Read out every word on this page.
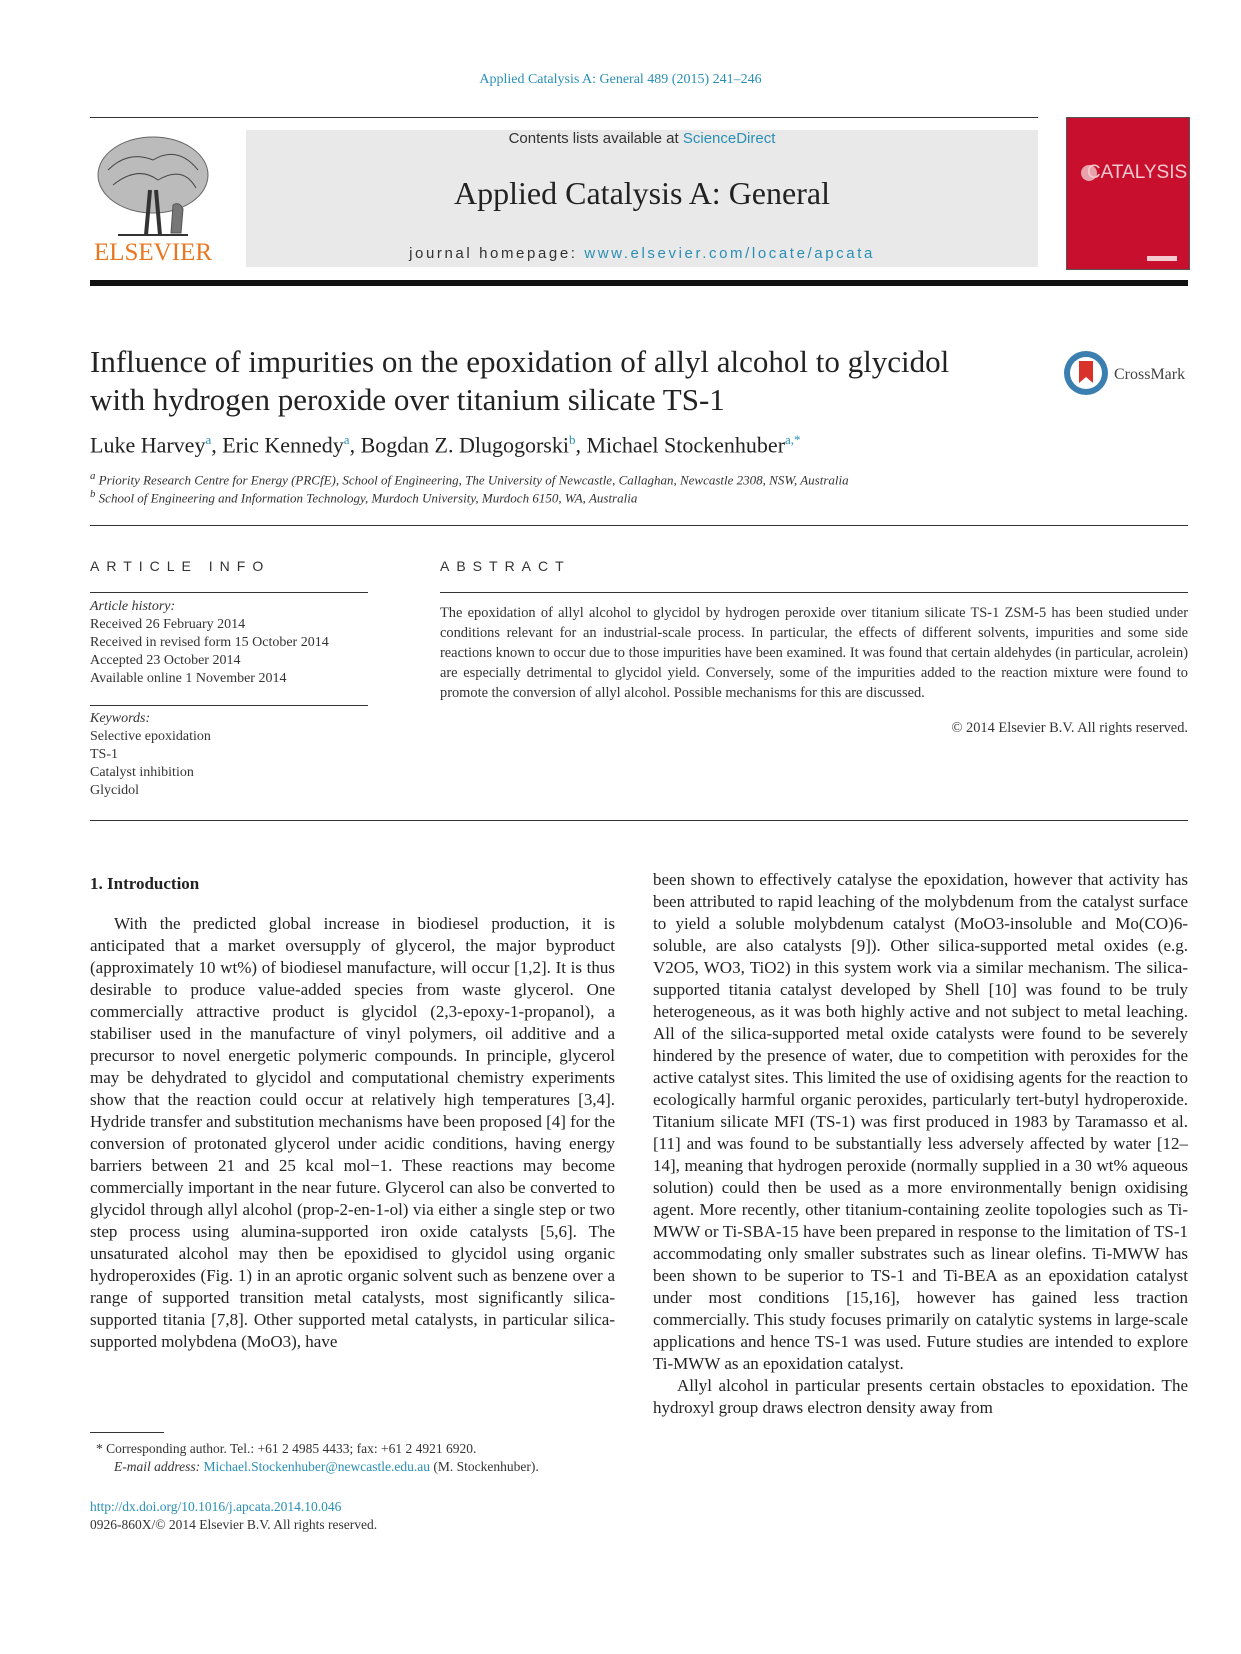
Applied Catalysis A: General 489 (2015) 241–246
ELSEVIER
Contents lists available at ScienceDirect
Applied Catalysis A: General
journal homepage: www.elsevier.com/locate/apcata
CATALYSIS
Influence of impurities on the epoxidation of allyl alcohol to glycidol
with hydrogen peroxide over titanium silicate TS-1
CrossMark
Luke Harvey$^a$, Eric Kennedy$^a$, Bogdan Z. Dlugogorski$^b$, Michael Stockenhuber$^{a,*}$
$^a$ Priority Research Centre for Energy (PRCfE), School of Engineering, The University of Newcastle, Callaghan, Newcastle 2308, NSW, Australia
$^b$ School of Engineering and Information Technology, Murdoch University, Murdoch 6150, WA, Australia
ARTICLE INFO
Article history:
Received 26 February 2014
Received in revised form 15 October 2014
Accepted 23 October 2014
Available online 1 November 2014
Keywords:
Selective epoxidation
TS-1
Catalyst inhibition
Glycidol
ABSTRACT
The epoxidation of allyl alcohol to glycidol by hydrogen peroxide over titanium silicate TS-1 ZSM-5 has been studied under conditions relevant for an industrial-scale process. In particular, the effects of different solvents, impurities and some side reactions known to occur due to those impurities have been examined. It was found that certain aldehydes (in particular, acrolein) are especially detrimental to glycidol yield. Conversely, some of the impurities added to the reaction mixture were found to promote the conversion of allyl alcohol. Possible mechanisms for this are discussed.
© 2014 Elsevier B.V. All rights reserved.
1. Introduction

With the predicted global increase in biodiesel production, it is anticipated that a market oversupply of glycerol, the major byproduct (approximately 10 wt%) of biodiesel manufacture, will occur [1,2]. It is thus desirable to produce value-added species from waste glycerol. One commercially attractive product is glycidol (2,3-epoxy-1-propanol), a stabiliser used in the manufacture of vinyl polymers, oil additive and a precursor to novel energetic polymeric compounds. In principle, glycerol may be dehydrated to glycidol and computational chemistry experiments show that the reaction could occur at relatively high temperatures [3,4]. Hydride transfer and substitution mechanisms have been proposed [4] for the conversion of protonated glycerol under acidic conditions, having energy barriers between 21 and 25 kcal mol−1. These reactions may become commercially important in the near future. Glycerol can also be converted to glycidol through allyl alcohol (prop-2-en-1-ol) via either a single step or two step process using alumina-supported iron oxide catalysts [5,6]. The unsaturated alcohol may then be epoxidised to glycidol using organic hydroperoxides (Fig. 1) in an aprotic organic solvent such as benzene over a range of supported transition metal catalysts, most significantly silica-supported titania [7,8]. Other supported metal catalysts, in particular silica-supported molybdena (MoO3), have

been shown to effectively catalyse the epoxidation, however that activity has been attributed to rapid leaching of the molybdenum from the catalyst surface to yield a soluble molybdenum catalyst (MoO3-insoluble and Mo(CO)6-soluble, are also catalysts [9]). Other silica-supported metal oxides (e.g. V2O5, WO3, TiO2) in this system work via a similar mechanism. The silica-supported titania catalyst developed by Shell [10] was found to be truly heterogeneous, as it was both highly active and not subject to metal leaching. All of the silica-supported metal oxide catalysts were found to be severely hindered by the presence of water, due to competition with peroxides for the active catalyst sites. This limited the use of oxidising agents for the reaction to ecologically harmful organic peroxides, particularly tert-butyl hydroperoxide. Titanium silicate MFI (TS-1) was first produced in 1983 by Taramasso et al. [11] and was found to be substantially less adversely affected by water [12–14], meaning that hydrogen peroxide (normally supplied in a 30 wt% aqueous solution) could then be used as a more environmentally benign oxidising agent. More recently, other titanium-containing zeolite topologies such as Ti-MWW or Ti-SBA-15 have been prepared in response to the limitation of TS-1 accommodating only smaller substrates such as linear olefins. Ti-MWW has been shown to be superior to TS-1 and Ti-BEA as an epoxidation catalyst under most conditions [15,16], however has gained less traction commercially. This study focuses primarily on catalytic systems in large-scale applications and hence TS-1 was used. Future studies are intended to explore Ti-MWW as an epoxidation catalyst.

Allyl alcohol in particular presents certain obstacles to epoxidation. The hydroxyl group draws electron density away from

* Corresponding author. Tel.: +61 2 4985 4433; fax: +61 2 4921 6920.
E-mail address: Michael.Stockenhuber@newcastle.edu.au (M. Stockenhuber).
http://dx.doi.org/10.1016/j.apcata.2014.10.046
0926-860X/© 2014 Elsevier B.V. All rights reserved.
